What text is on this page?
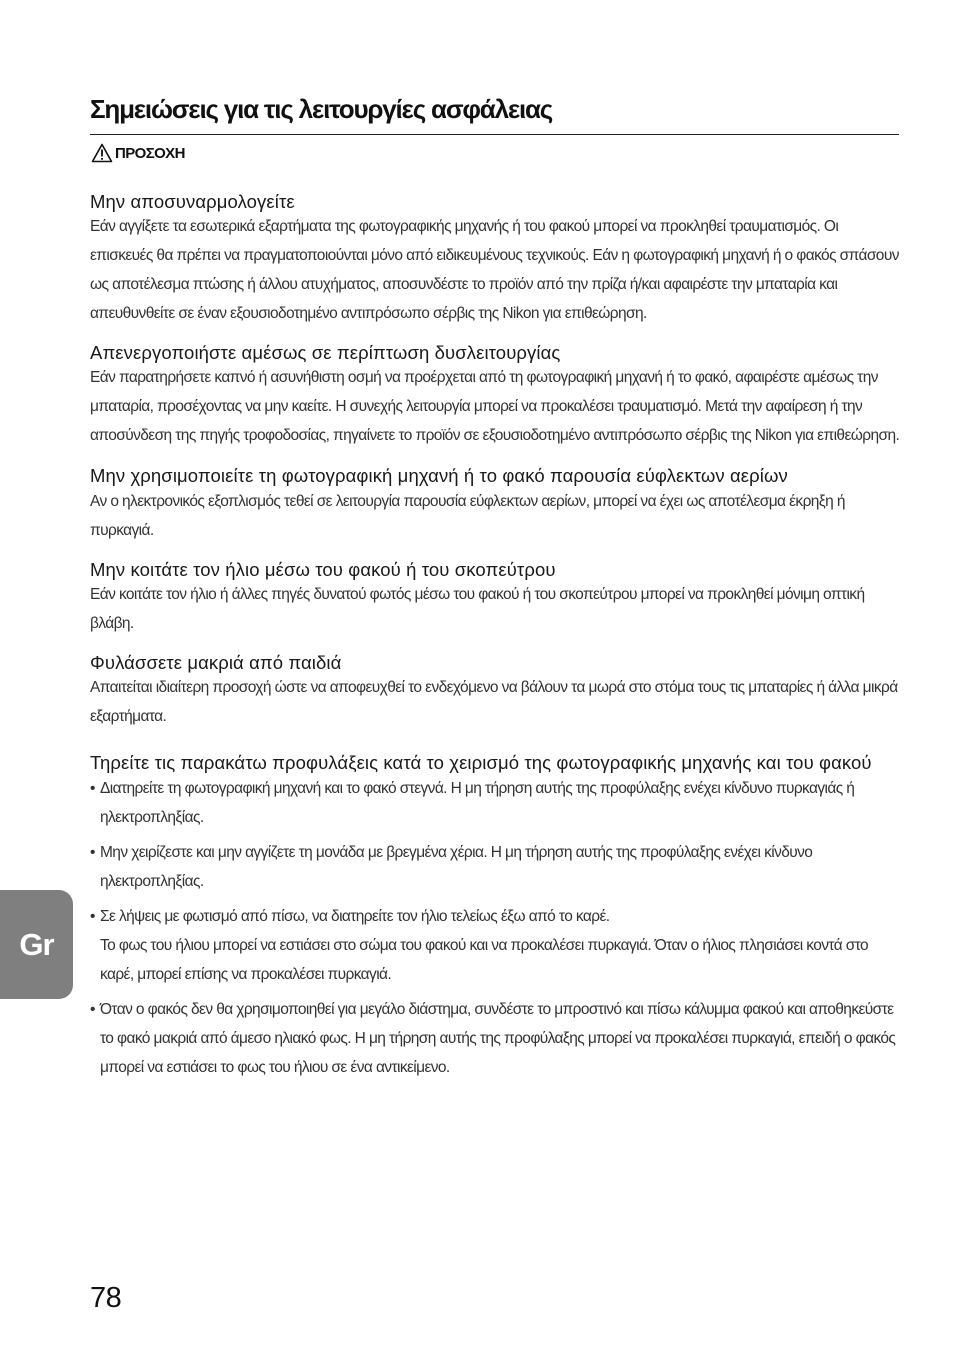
Σημειώσεις για τις λειτουργίες ασφάλειας
ΠΡΟΣΟΧΗ
Μην αποσυναρμολογείτε

Εάν αγγίξετε τα εσωτερικά εξαρτήματα της φωτογραφικής μηχανής ή του φακού μπορεί να προκληθεί τραυματισμός. Οι επισκευές θα πρέπει να πραγματοποιούνται μόνο από ειδικευμένους τεχνικούς. Εάν η φωτογραφική μηχανή ή ο φακός σπάσουν ως αποτέλεσμα πτώσης ή άλλου ατυχήματος, αποσυνδέστε το προϊόν από την πρίζα ή/και αφαιρέστε την μπαταρία και απευθυνθείτε σε έναν εξουσιοδοτημένο αντιπρόσωπο σέρβις της Nikon για επιθεώρηση.

Απενεργοποιήστε αμέσως σε περίπτωση δυσλειτουργίας

Εάν παρατηρήσετε καπνό ή ασυνήθιστη οσμή να προέρχεται από τη φωτογραφική μηχανή ή το φακό, αφαιρέστε αμέσως την μπαταρία, προσέχοντας να μην καείτε. Η συνεχής λειτουργία μπορεί να προκαλέσει τραυματισμό. Μετά την αφαίρεση ή την αποσύνδεση της πηγής τροφοδοσίας, πηγαίνετε το προϊόν σε εξουσιοδοτημένο αντιπρόσωπο σέρβις της Nikon για επιθεώρηση.

Μην χρησιμοποιείτε τη φωτογραφική μηχανή ή το φακό παρουσία εύφλεκτων αερίων

Αν ο ηλεκτρονικός εξοπλισμός τεθεί σε λειτουργία παρουσία εύφλεκτων αερίων, μπορεί να έχει ως αποτέλεσμα έκρηξη ή πυρκαγιά.

Μην κοιτάτε τον ήλιο μέσω του φακού ή του σκοπεύτρου

Εάν κοιτάτε τον ήλιο ή άλλες πηγές δυνατού φωτός μέσω του φακού ή του σκοπεύτρου μπορεί να προκληθεί μόνιμη οπτική βλάβη.

Φυλάσσετε μακριά από παιδιά

Απαιτείται ιδιαίτερη προσοχή ώστε να αποφευχθεί το ενδεχόμενο να βάλουν τα μωρά στο στόμα τους τις μπαταρίες ή άλλα μικρά εξαρτήματα.

Τηρείτε τις παρακάτω προφυλάξεις κατά το χειρισμό της φωτογραφικής μηχανής και του φακού
• Διατηρείτε τη φωτογραφική μηχανή και το φακό στεγνά. Η μη τήρηση αυτής της προφύλαξης ενέχει κίνδυνο πυρκαγιάς ή ηλεκτροπληξίας.
• Μην χειρίζεστε και μην αγγίζετε τη μονάδα με βρεγμένα χέρια. Η μη τήρηση αυτής της προφύλαξης ενέχει κίνδυνο ηλεκτροπληξίας.
• Σε λήψεις με φωτισμό από πίσω, να διατηρείτε τον ήλιο τελείως έξω από το καρέ.
Το φως του ήλιου μπορεί να εστιάσει στο σώμα του φακού και να προκαλέσει πυρκαγιά. Όταν ο ήλιος πλησιάσει κοντά στο καρέ, μπορεί επίσης να προκαλέσει πυρκαγιά.
• Όταν ο φακός δεν θα χρησιμοποιηθεί για μεγάλο διάστημα, συνδέστε το μπροστινό και πίσω κάλυμμα φακού και αποθηκεύστε το φακό μακριά από άμεσο ηλιακό φως. Η μη τήρηση αυτής της προφύλαξης μπορεί να προκαλέσει πυρκαγιά, επειδή ο φακός μπορεί να εστιάσει το φως του ήλιου σε ένα αντικείμενο.
Gr
78
